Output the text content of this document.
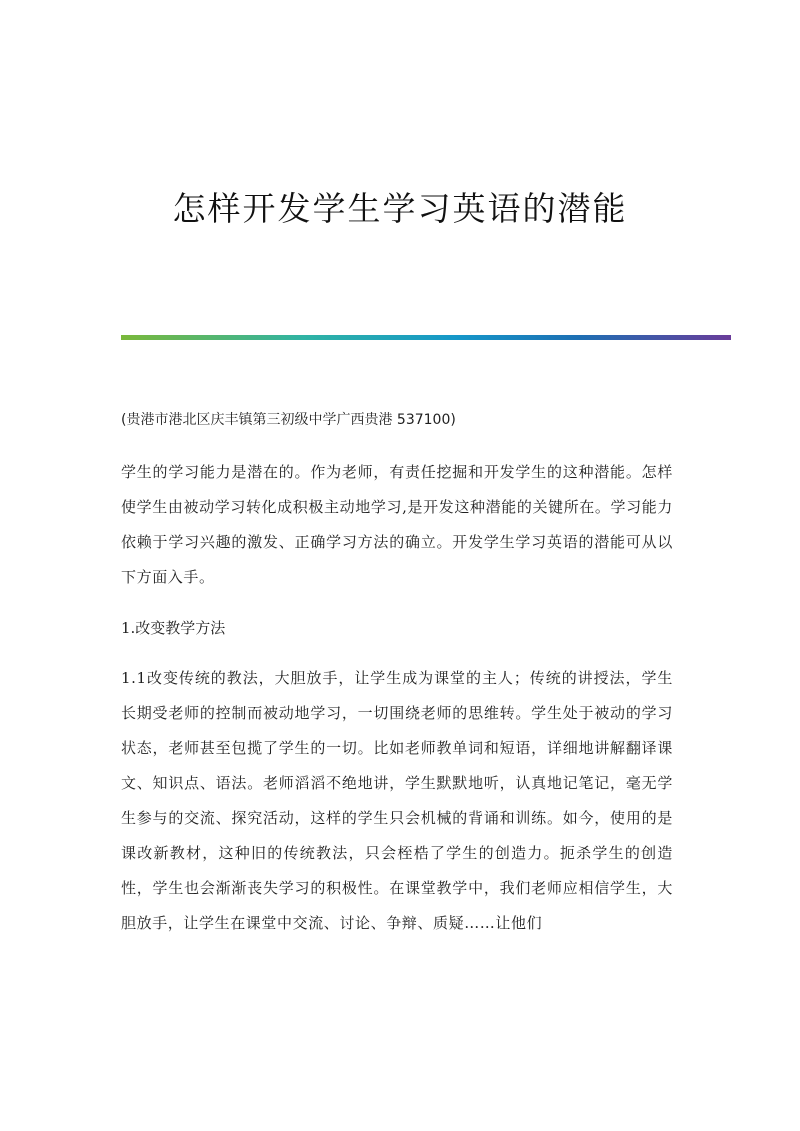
怎样开发学生学习英语的潜能

(贵港市港北区庆丰镇第三初级中学广西贵港 537100)

学生的学习能力是潜在的。作为老师，有责任挖掘和开发学生的这种潜能。怎样使学生由被动学习转化成积极主动地学习,是开发这种潜能的关键所在。学习能力依赖于学习兴趣的激发、正确学习方法的确立。开发学生学习英语的潜能可从以下方面入手。

1.改变教学方法

1.1改变传统的教法，大胆放手，让学生成为课堂的主人；传统的讲授法，学生长期受老师的控制而被动地学习，一切围绕老师的思维转。学生处于被动的学习状态，老师甚至包揽了学生的一切。比如老师教单词和短语，详细地讲解翻译课文、知识点、语法。老师滔滔不绝地讲，学生默默地听，认真地记笔记，毫无学生参与的交流、探究活动，这样的学生只会机械的背诵和训练。如今，使用的是课改新教材，这种旧的传统教法，只会桎梏了学生的创造力。扼杀学生的创造性，学生也会渐渐丧失学习的积极性。在课堂教学中，我们老师应相信学生，大胆放手，让学生在课堂中交流、讨论、争辩、质疑……让他们
